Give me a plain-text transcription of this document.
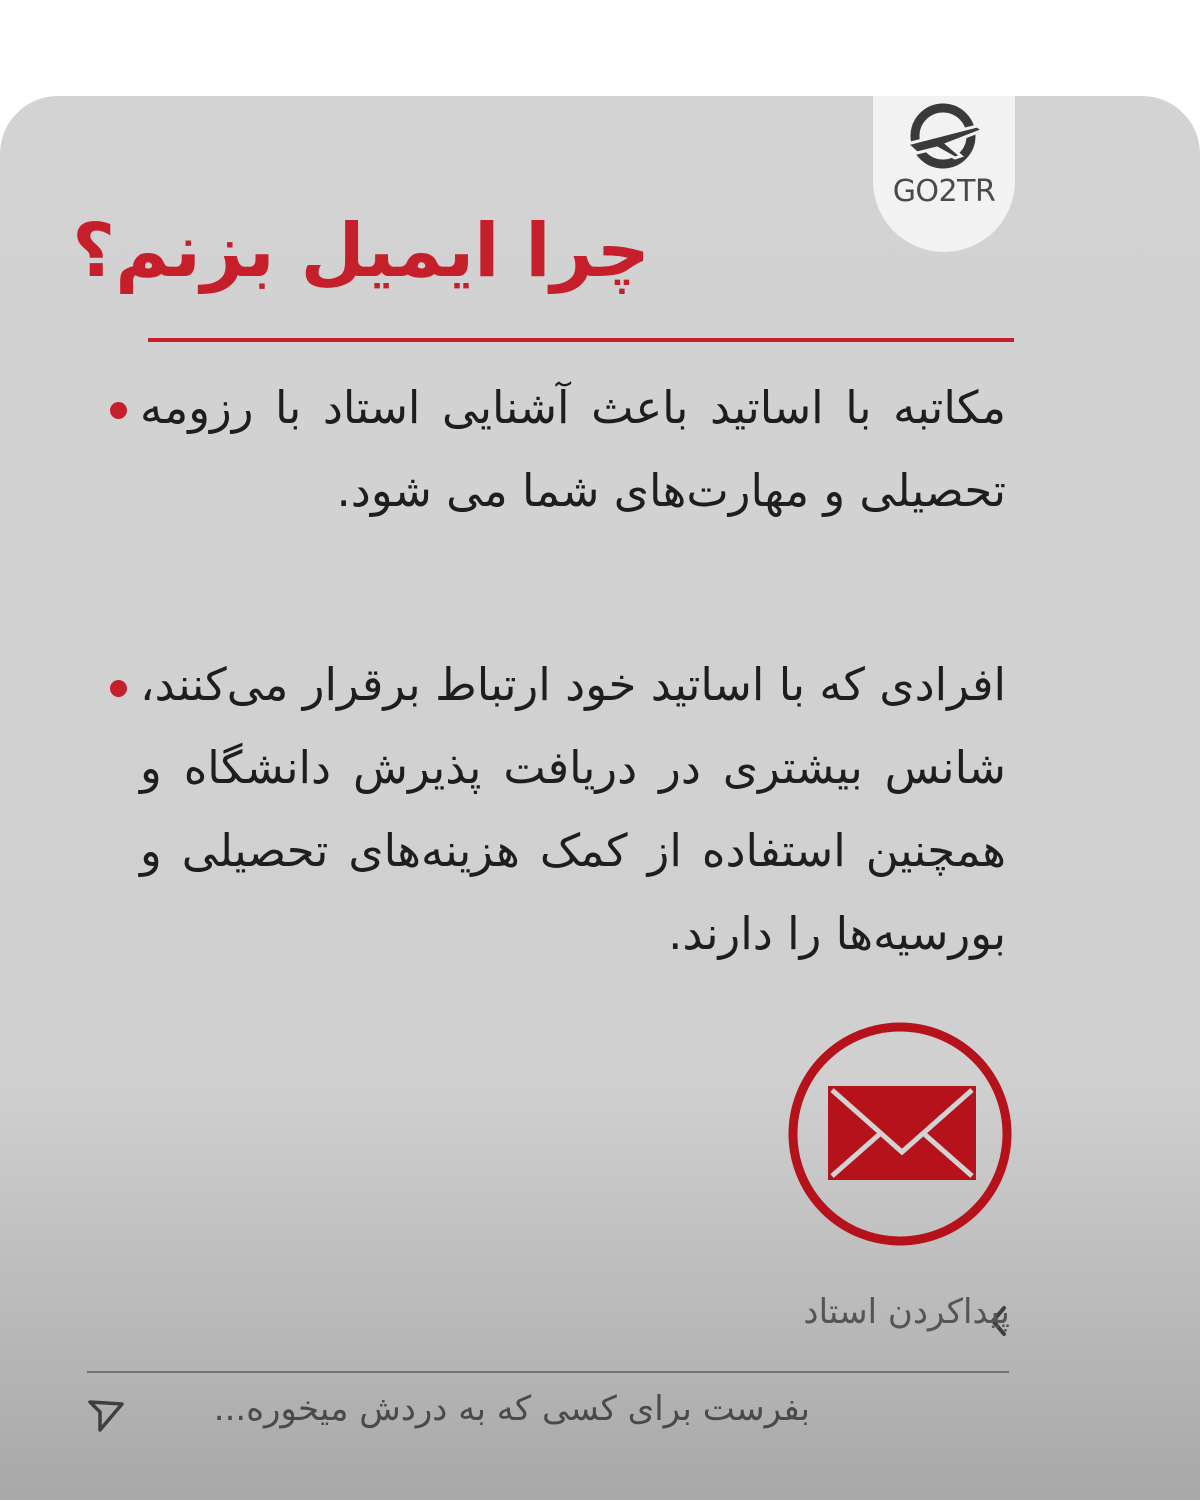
GO2TR
چرا ایمیل بزنم؟
مکاتبه با اساتید باعث آشنایی استاد با رزومه تحصیلی و مهارت‌های شما می شود.
افرادی که با اساتید خود ارتباط برقرار می‌کنند، شانس بیشتری در دریافت پذیرش دانشگاه و همچنین استفاده از کمک هزینه‌های تحصیلی و بورسیه‌ها را دارند.
پیداکردن استاد
بفرست برای کسی که به دردش میخوره...
